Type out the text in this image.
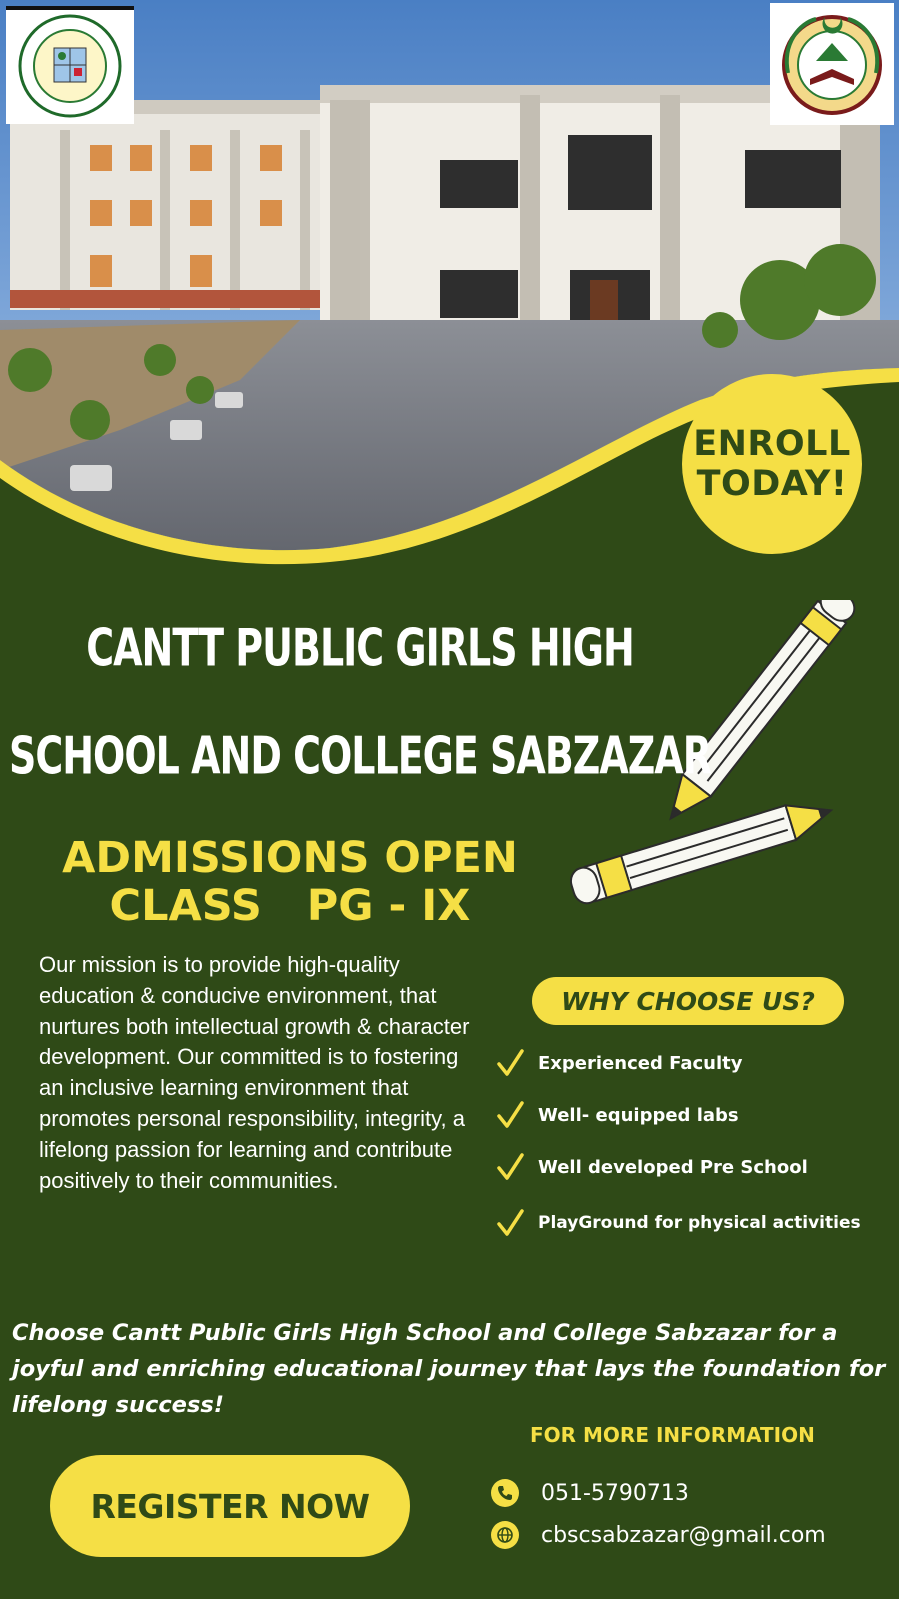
ENROLL
TODAY!
CANTT PUBLIC GIRLS HIGH
SCHOOL AND COLLEGE SABZAZAR
ADMISSIONS OPEN
CLASS   PG - IX
Our mission is to provide high-quality education & conducive environment, that nurtures both intellectual growth & character development. Our committed is to fostering an inclusive learning environment that promotes personal responsibility, integrity, a lifelong passion for learning and contribute positively to their communities.
WHY CHOOSE US?
Experienced Faculty
Well- equipped labs
Well developed Pre School
PlayGround for physical activities
Choose Cantt Public Girls High School and College Sabzazar for a joyful and enriching educational journey that lays the foundation for lifelong success!
FOR MORE INFORMATION
REGISTER NOW	051-5790713
cbscsabzazar@gmail.com
